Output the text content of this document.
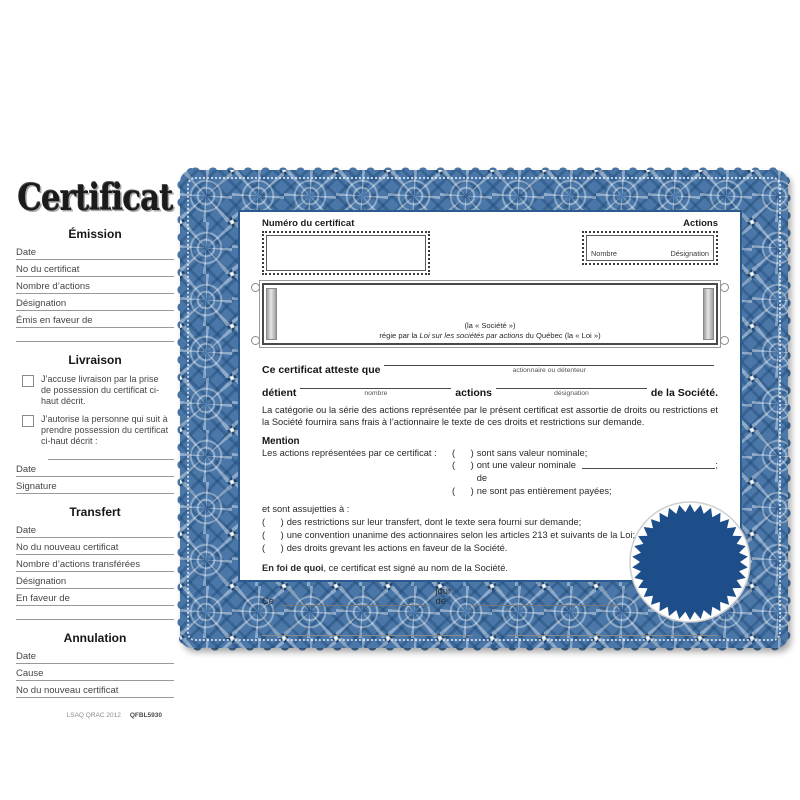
Certificat
Émission
Date
No du certificat
Nombre d’actions
Désignation
Émis en faveur de
Livraison
J’accuse livraison par la prise de possession du certificat ci-haut décrit.
J’autorise la personne qui suit à prendre possession du certificat ci-haut décrit :
Date
Signature
Transfert
Date
No du nouveau certificat
Nombre d’actions transférées
Désignation
En faveur de
Annulation
Date
Cause
No du nouveau certificat
LSAQ QRAC 2012 QFBL5930
Numéro du certificat	Actions
Nombre	Désignation
(la « Société »)
régie par la Loi sur les sociétés par actions du Québec (la « Loi »)
Ce certificat atteste que	actionnaire ou détenteur
détient	nombre	actions	désignation	de la Société.
La catégorie ou la série des actions représentée par le présent certificat est assortie de droits ou restrictions et la Société fournira sans frais à l’actionnaire le texte de ces droits et restrictions sur demande.
Mention
Les actions représentées par ce certificat :	(      ) sont sans valeur nominale;
(      ) ont une valeur nominale de
;
(      ) ne sont pas entièrement payées;
et sont assujetties à :
(      ) des restrictions sur leur transfert, dont le texte sera fourni sur demande;
(      ) une convention unanime des actionnaires selon les articles 213 et suivants de la Loi;
(      ) des droits grevant les actions en faveur de la Société.
En foi de quoi, ce certificat est signé au nom de la Société.
Ce
jour de
